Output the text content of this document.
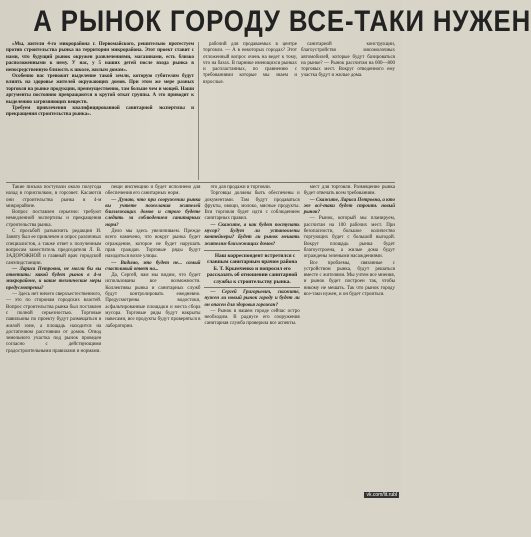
А РЫНОК ГОРОДУ ВСЕ-ТАКИ НУЖЕН

«Мы, жители 4-го микрорайона г. Первомайского, решительно протестуем против строительства рынка на территории микрорайона. Этот проект ставит с нами, что будущий рынок окружен развлечениями, магазинами, есть близко расположенными к нему. У нас, у 5 наших детей после входа рынка в непосредственную близость к школе, жилым домам».

Особенно нас тревожит выделение такой земли, которую губителям будут влиять на здоровье жителей окружающих домов. При этом же мере разных торговля на рынке продукции, преимущественно, там больше чем и мощей. Наши аргументы постоянно превращаются в крутой откат группы. А это приводит к выделению загрязняющих веществ.

Требуем привлечения квалифицированной санитарной экспертизы и прекращения строительства рынка».

рабочий для продаваемых в центре торговли. — А в некоторых городах? Этот отложенный вопрос очень на ведет к тому, что на базах. В парнике имеющихся рынках и распластанных, по сравнению с требованиями которые мы знаем и взрослые.

санитарной конструкции, благоустройство мясомолочных автомобилей, которые будут базироваться на рынке? — Рынок рассчитан на 600—800 торговых мест. Вокруг отведенного ему участка будут и жилые дома.

Такие письма поступали около полугода назад в горисполком, в горсовет. Касаются они строительства рынка в 4-м микрорайоне.

Вопрос поставлен серьезно: требуют немедленной экспертизы и прекращения строительства рынка.

С просьбой разъяснить редакция И. Заняту был ее привлечен и опрос различных специалистов, а также ответ к полученным вопросам заместитель председателя Л. В. ЗАДОРОЖНОЙ и главный врач городской санэпидстанции.

— Лариса Петровна, не могли бы вы ответить: какой будет рынок в 4-м микрорайоне, и какие технические меры предусмотрены?

— Здесь нет ничего сверхъестественного, — это по сторонам городских властей. Вопрос строительства рынка был поставлен с полной серьезностью. Торговые павильоны по проекту будут размещаться в жилой зоне, а площадь находится на достаточном расстоянии от домов. Отвод земельного участка под рынок проведен согласно с действующими градостроительными правилами и нормами.

пещи инспекцию и будет исполнено для обеспечения его санитарных норм.

— Думаю, что при сооружении рынка вы учтете пожелания жителей близлежащих домов и строго будете следить за соблюдением санитарных норм?

Дело мы здесь увеличиваем. Прежде всего намечено, что вокруг рынка будет ограждение, которое не будет нарушать прав граждан. Торговые ряды будут находиться возле улицы.

— Видимо, это будет не... самый счастливый ответ на...

Да, Сергей, нам мы видим, что будет использованы все возможности. Коллективы рынка и санитарных служб будут контролировать ежедневно. Предусмотрены водостоки, асфальтированные площадки и места сбора мусора. Торговые ряды будут накрыты навесами, все продукты будут проверяться в лаборатории.

это для продажи и торговли.

Торговцы должны быть обеспечены и документами. Там будут продаваться фрукты, овощи, молоко, мясные продукты. Вся торговля будет идти с соблюдением санитарных правил.

— Скажите, а как будет поступать мусор? Будут ли установлены контейнеры? Будет ли рынок мешать жителям близлежащих домов?

Наш корреспондент встретился с главным санитарным врачом района Б. Т. Крымченко и попросил его рассказать об отношении санитарной службы к строительству рынка.

— Сергей Григорьевич, скажите, нужен ли новый рынок городу и будет ли он опасен для здоровья горожан?

— Рынок в нашем городе сейчас остро необходим. В радиусе его сооружения санитарная служба проверила все аспекты.

мест для торговли. Размещение рынка будет отвечать всем требованиям.

— Скажите, Лариса Петровна, а кто же всё-таки будет строить новый рынок?

— Рынок, который мы планируем, рассчитан на 100 рабочих мест. При безопасности, большое количество торгующих будет с большой выгодой. Вокруг площадь рынка будет благоустроена, а жилые дома будут ограждены зелеными насаждениями.

Все проблемы, связанные с устройством рынка, будут решаться вместе с жителями. Мы учтем все мнения, и рынок будет построен так, чтобы никому не мешать. Так что рынок городу все-таки нужен, и он будет строиться.

vk.com/lit.rubl
